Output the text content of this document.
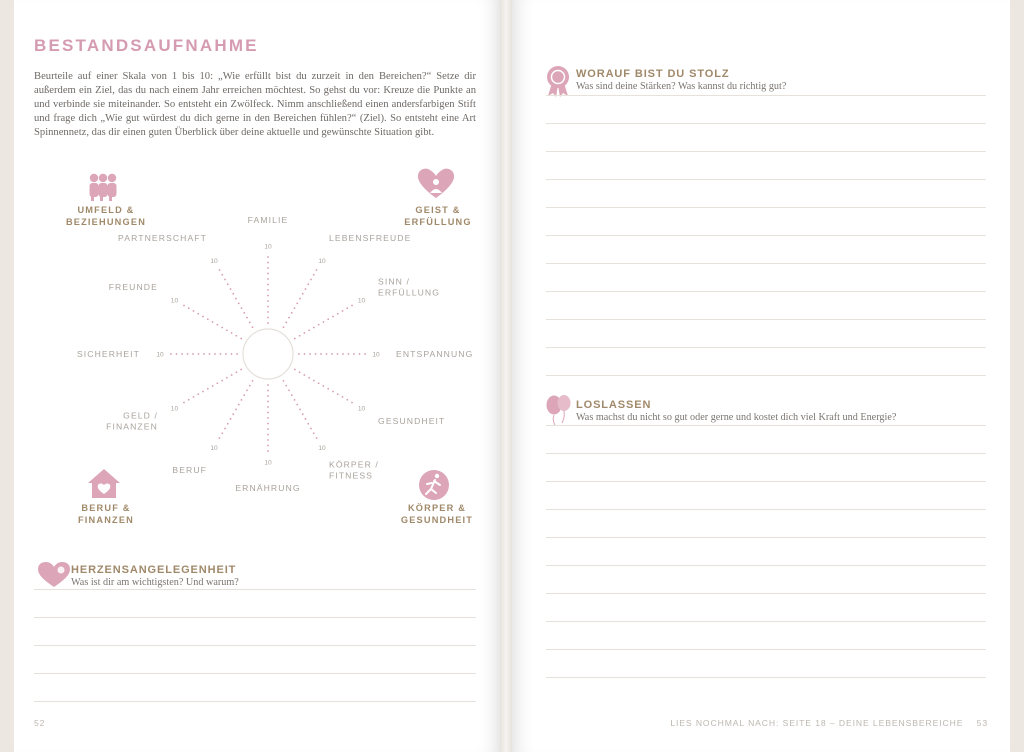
BESTANDSAUFNAHME

Beurteile auf einer Skala von 1 bis 10: „Wie erfüllt bist du zurzeit in den Bereichen?“ Setze dir außerdem ein Ziel, das du nach einem Jahr erreichen möchtest. So gehst du vor: Kreuze die Punkte an und verbinde sie miteinander. So entsteht ein Zwölfeck. Nimm anschließend einen andersfarbigen Stift und frage dich „Wie gut würdest du dich gerne in den Bereichen fühlen?“ (Ziel). So entsteht eine Art Spinnennetz, das dir einen guten Überblick über deine aktuelle und gewünschte Situation gibt.

UMFELD &
BEZIEHUNGEN
GEIST &
ERFÜLLUNG
BERUF &
FINANZEN
KÖRPER &
GESUNDHEIT
10
FAMILIE
10
LEBENSFREUDE
10
SINN / ERFÜLLUNG
10 ENTSPANNUNG
10
GESUNDHEIT
10
KÖRPER / FITNESS
10
ERNÄHRUNG
10
BERUF
10
GELD / FINANZEN
10
SICHERHEIT
10
FREUNDE
10
PARTNERSCHAFT
HERZENSANGELEGENHEIT

Was ist dir am wichtigsten? Und warum?

52
WORAUF BIST DU STOLZ

Was sind deine Stärken? Was kannst du richtig gut?

LOSLASSEN

Was machst du nicht so gut oder gerne und kostet dich viel Kraft und Energie?

LIES NOCHMAL NACH: SEITE 18 – DEINE LEBENSBEREICHE 53
